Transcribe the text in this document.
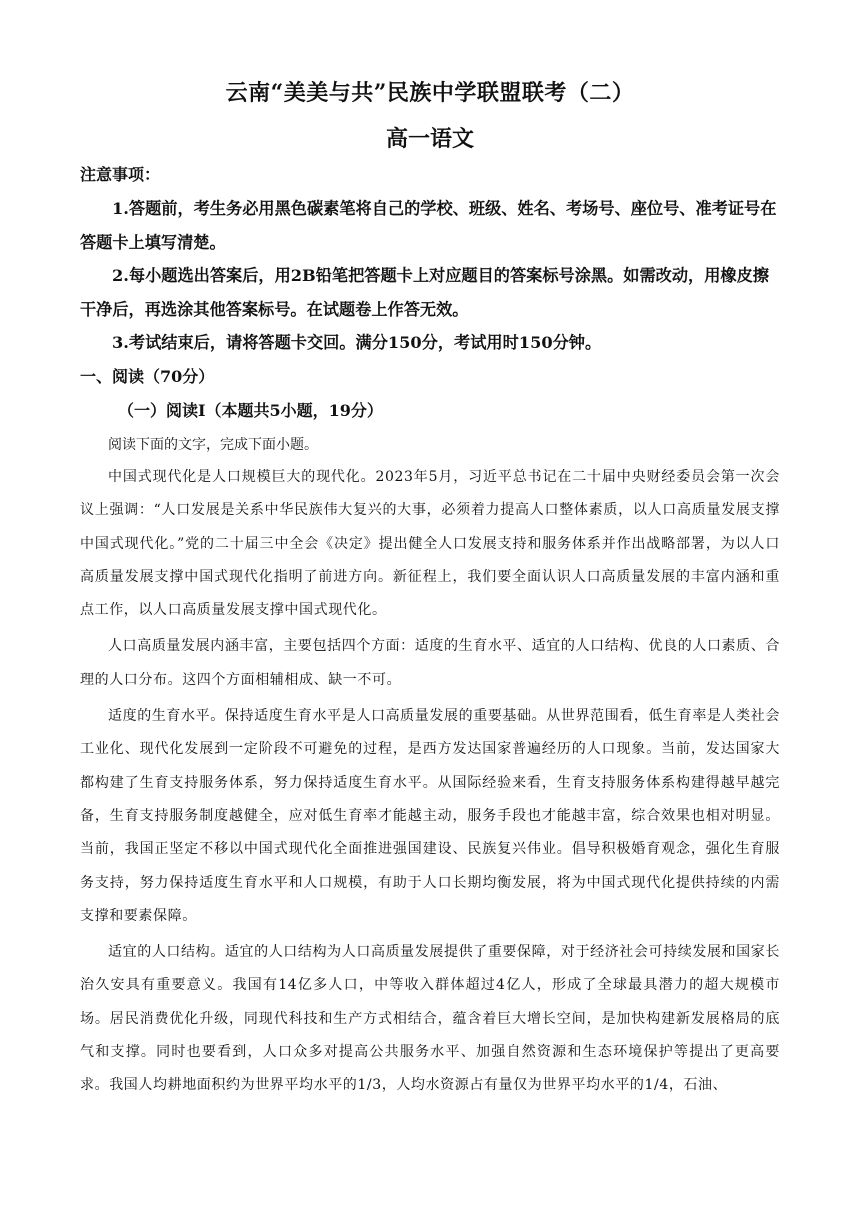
云南“美美与共”民族中学联盟联考（二）
高一语文
注意事项：
1.答题前，考生务必用黑色碳素笔将自己的学校、班级、姓名、考场号、座位号、准考证号在答题卡上填写清楚。
2.每小题选出答案后，用2B铅笔把答题卡上对应题目的答案标号涂黑。如需改动，用橡皮擦干净后，再选涂其他答案标号。在试题卷上作答无效。
3.考试结束后，请将答题卡交回。满分150分，考试用时150分钟。
一、阅读（70分）
（一）阅读Ⅰ（本题共5小题，19分）
阅读下面的文字，完成下面小题。

中国式现代化是人口规模巨大的现代化。2023年5月，习近平总书记在二十届中央财经委员会第一次会议上强调：“人口发展是关系中华民族伟大复兴的大事，必须着力提高人口整体素质，以人口高质量发展支撑中国式现代化。”党的二十届三中全会《决定》提出健全人口发展支持和服务体系并作出战略部署，为以人口高质量发展支撑中国式现代化指明了前进方向。新征程上，我们要全面认识人口高质量发展的丰富内涵和重点工作，以人口高质量发展支撑中国式现代化。

人口高质量发展内涵丰富，主要包括四个方面：适度的生育水平、适宜的人口结构、优良的人口素质、合理的人口分布。这四个方面相辅相成、缺一不可。

适度的生育水平。保持适度生育水平是人口高质量发展的重要基础。从世界范围看，低生育率是人类社会工业化、现代化发展到一定阶段不可避免的过程，是西方发达国家普遍经历的人口现象。当前，发达国家大都构建了生育支持服务体系，努力保持适度生育水平。从国际经验来看，生育支持服务体系构建得越早越完备，生育支持服务制度越健全，应对低生育率才能越主动，服务手段也才能越丰富，综合效果也相对明显。当前，我国正坚定不移以中国式现代化全面推进强国建设、民族复兴伟业。倡导积极婚育观念，强化生育服务支持，努力保持适度生育水平和人口规模，有助于人口长期均衡发展，将为中国式现代化提供持续的内需支撑和要素保障。

适宜的人口结构。适宜的人口结构为人口高质量发展提供了重要保障，对于经济社会可持续发展和国家长治久安具有重要意义。我国有14亿多人口，中等收入群体超过4亿人，形成了全球最具潜力的超大规模市场。居民消费优化升级，同现代科技和生产方式相结合，蕴含着巨大增长空间，是加快构建新发展格局的底气和支撑。同时也要看到，人口众多对提高公共服务水平、加强自然资源和生态环境保护等提出了更高要求。我国人均耕地面积约为世界平均水平的1/3，人均水资源占有量仅为世界平均水平的1/4，石油、
